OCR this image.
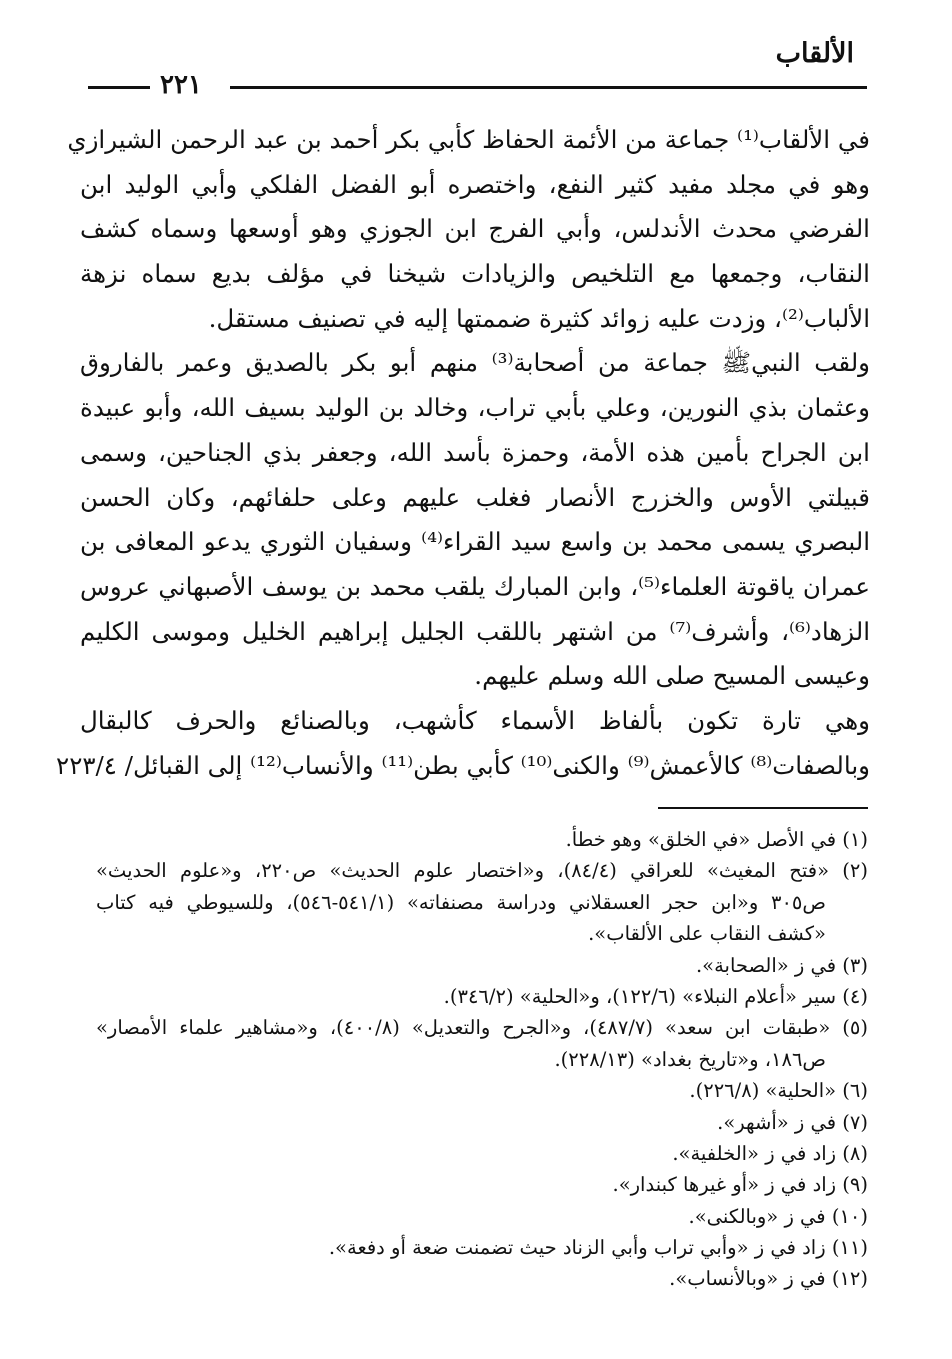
الألقاب
٢٢١
في الألقاب⁽¹⁾ جماعة من الأئمة الحفاظ كأبي بكر أحمد بن عبد الرحمن الشيرازي
وهو في مجلد مفيد كثير النفع، واختصره أبو الفضل الفلكي وأبي الوليد ابن
الفرضي محدث الأندلس، وأبي الفرج ابن الجوزي وهو أوسعها وسماه كشف
النقاب، وجمعها مع التلخيص والزيادات شيخنا في مؤلف بديع سماه نزهة
الألباب⁽²⁾، وزدت عليه زوائد كثيرة ضممتها إليه في تصنيف مستقل.
ولقب النبيﷺ جماعة من أصحابة⁽³⁾ منهم أبو بكر بالصديق وعمر بالفاروق
وعثمان بذي النورين، وعلي بأبي تراب، وخالد بن الوليد بسيف الله، وأبو عبيدة
ابن الجراح بأمين هذه الأمة، وحمزة بأسد الله، وجعفر بذي الجناحين، وسمى
قبيلتي الأوس والخزرج الأنصار فغلب عليهم وعلى حلفائهم، وكان الحسن
البصري يسمى محمد بن واسع سيد القراء⁽⁴⁾ وسفيان الثوري يدعو المعافى بن
عمران ياقوتة العلماء⁽⁵⁾، وابن المبارك يلقب محمد بن يوسف الأصبهاني عروس
الزهاد⁽⁶⁾، وأشرف⁽⁷⁾ من اشتهر باللقب الجليل إبراهيم الخليل وموسى الكليم
وعيسى المسيح صلى الله وسلم عليهم.
وهي تارة تكون بألفاظ الأسماء كأشهب، وبالصنائع والحرف كالبقال
وبالصفات⁽⁸⁾ كالأعمش⁽⁹⁾ والكنى⁽¹⁰⁾ كأبي بطن⁽¹¹⁾ والأنساب⁽¹²⁾ إلى القبائل/ ٢٢٣/٤
(١) في الأصل «في الخلق» وهو خطأ.
(٢) «فتح المغيث» للعراقي (٨٤/٤)، و«اختصار علوم الحديث» ص٢٢٠، و«علوم الحديث»
ص٣٠٥ و«ابن حجر العسقلاني ودراسة مصنفاته» (٥٤١/١-٥٤٦)، وللسيوطي فيه كتاب
«كشف النقاب على الألقاب».
(٣) في ز «الصحابة».
(٤) سير «أعلام النبلاء» (١٢٢/٦)، و«الحلية» (٣٤٦/٢).
(٥) «طبقات ابن سعد» (٤٨٧/٧)، و«الجرح والتعديل» (٤٠٠/٨)، و«مشاهير علماء الأمصار»
ص١٨٦، و«تاريخ بغداد» (٢٢٨/١٣).
(٦) «الحلية» (٢٢٦/٨).
(٧) في ز «أشهر».
(٨) زاد في ز «الخلفية».
(٩) زاد في ز «أو غيرها كبندار».
(١٠) في ز «وبالكنى».
(١١) زاد في ز «وأبي تراب وأبي الزناد حيث تضمنت ضعة أو دفعة».
(١٢) في ز «وبالأنساب».
